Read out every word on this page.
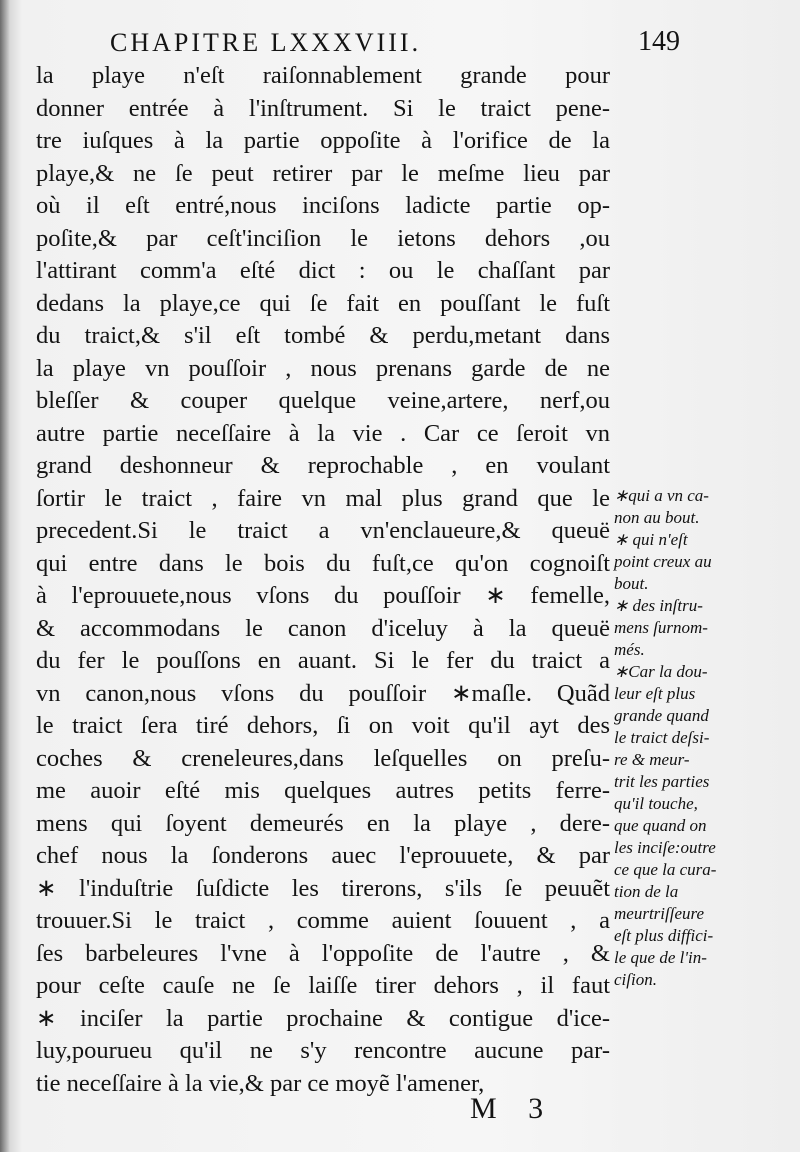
CHAPITRE LXXXVIII.	149
la playe n'eſt raiſonnablement grande pour
donner entrée à l'inſtrument. Si le traict pene-
tre iuſques à la partie oppoſite à l'orifice de la
playe,& ne ſe peut retirer par le meſme lieu par
où il eſt entré,nous inciſons ladicte partie op-
poſite,& par ceſt'inciſion le ietons dehors ,ou
l'attirant comm'a eſté dict : ou le chaſſant par
dedans la playe,ce qui ſe fait en pouſſant le fuſt
du traict,& s'il eſt tombé & perdu,metant dans
la playe vn pouſſoir , nous prenans garde de ne
bleſſer & couper quelque veine,artere, nerf,ou
autre partie neceſſaire à la vie . Car ce ſeroit vn
grand deshonneur & reprochable , en voulant
ſortir le traict , faire vn mal plus grand que le
precedent.Si le traict a vn'enclaueure,& queuë
qui entre dans le bois du fuſt,ce qu'on cognoiſt
à l'eprouuete,nous vſons du pouſſoir ∗ femelle,
& accommodans le canon d'iceluy à la queuë
du fer le pouſſons en auant. Si le fer du traict a
vn canon,nous vſons du pouſſoir ∗maſle. Quãd
le traict ſera tiré dehors, ſi on voit qu'il ayt des
coches & creneleures,dans leſquelles on preſu-
me auoir eſté mis quelques autres petits ferre-
mens qui ſoyent demeurés en la playe , dere-
chef nous la ſonderons auec l'eprouuete, & par
∗ l'induſtrie ſuſdicte les tirerons, s'ils ſe peuuẽt
trouuer.Si le traict , comme auient ſouuent , a
ſes barbeleures l'vne à l'oppoſite de l'autre , &
pour ceſte cauſe ne ſe laiſſe tirer dehors , il faut
∗ inciſer la partie prochaine & contigue d'ice-
luy,pourueu qu'il ne s'y rencontre aucune par-
tie neceſſaire à la vie,& par ce moyẽ l'amener,
∗qui a vn ca-
non au bout.
∗ qui n'eſt
point creux au
bout.
∗ des inſtru-
mens ſurnom-
més.
∗Car la dou-
leur eſt plus
grande quand
le traict deſsi-
re & meur-
trit les parties
qu'il touche,
que quand on
les inciſe:outre
ce que la cura-
tion de la
meurtriſſeure
eſt plus diffici-
le que de l'in-
ciſion.
M 3
